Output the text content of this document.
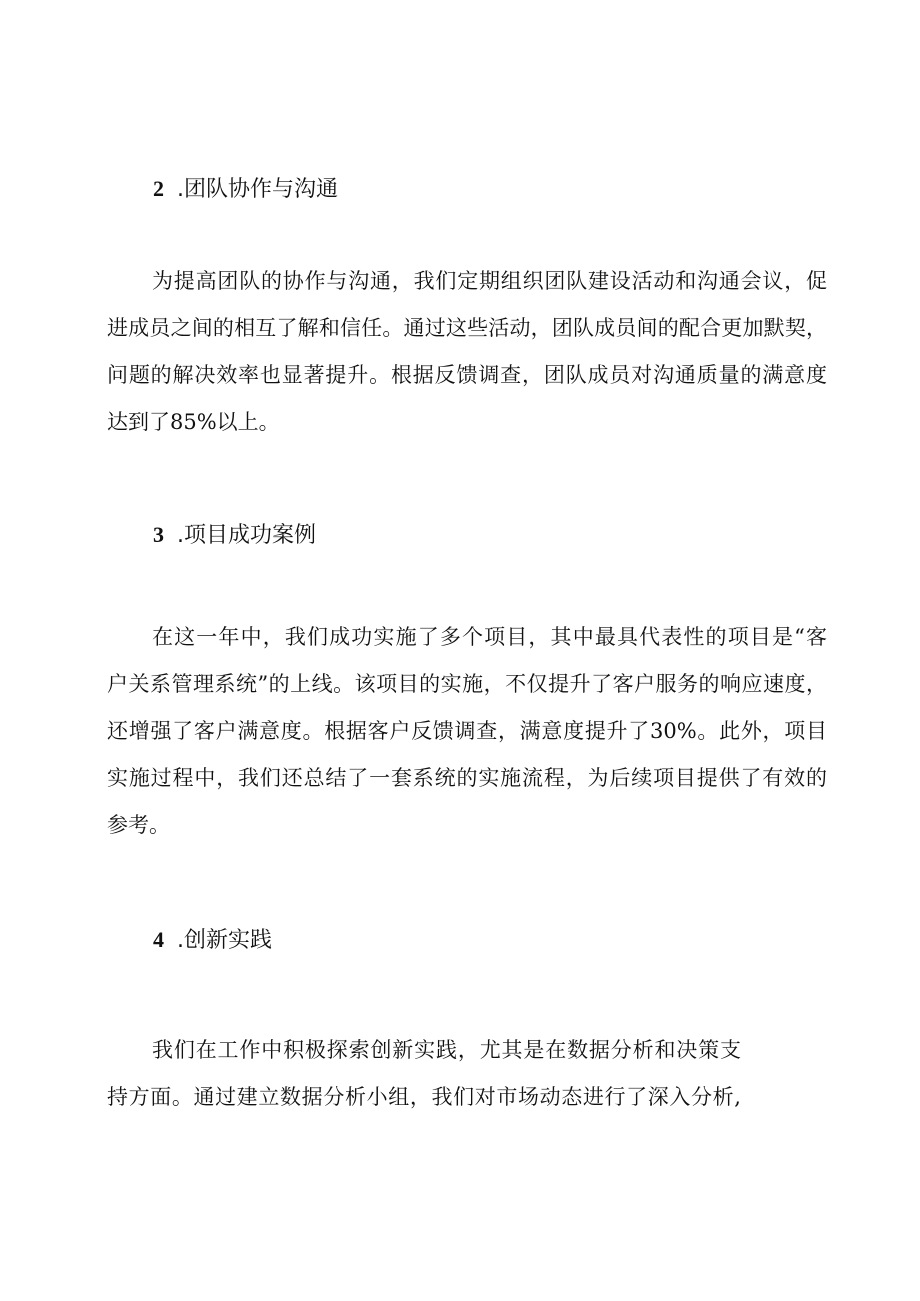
2 .团队协作与沟通
为提高团队的协作与沟通，我们定期组织团队建设活动和沟通会议，促
进成员之间的相互了解和信任。通过这些活动，团队成员间的配合更加默契，
问题的解决效率也显著提升。根据反馈调查，团队成员对沟通质量的满意度
达到了85%以上。
3 .项目成功案例
在这一年中，我们成功实施了多个项目，其中最具代表性的项目是“客
户关系管理系统”的上线。该项目的实施，不仅提升了客户服务的响应速度，
还增强了客户满意度。根据客户反馈调查，满意度提升了30%。此外，项目
实施过程中，我们还总结了一套系统的实施流程，为后续项目提供了有效的
参考。
4 .创新实践
我们在工作中积极探索创新实践，尤其是在数据分析和决策支
持方面。通过建立数据分析小组，我们对市场动态进行了深入分析,
